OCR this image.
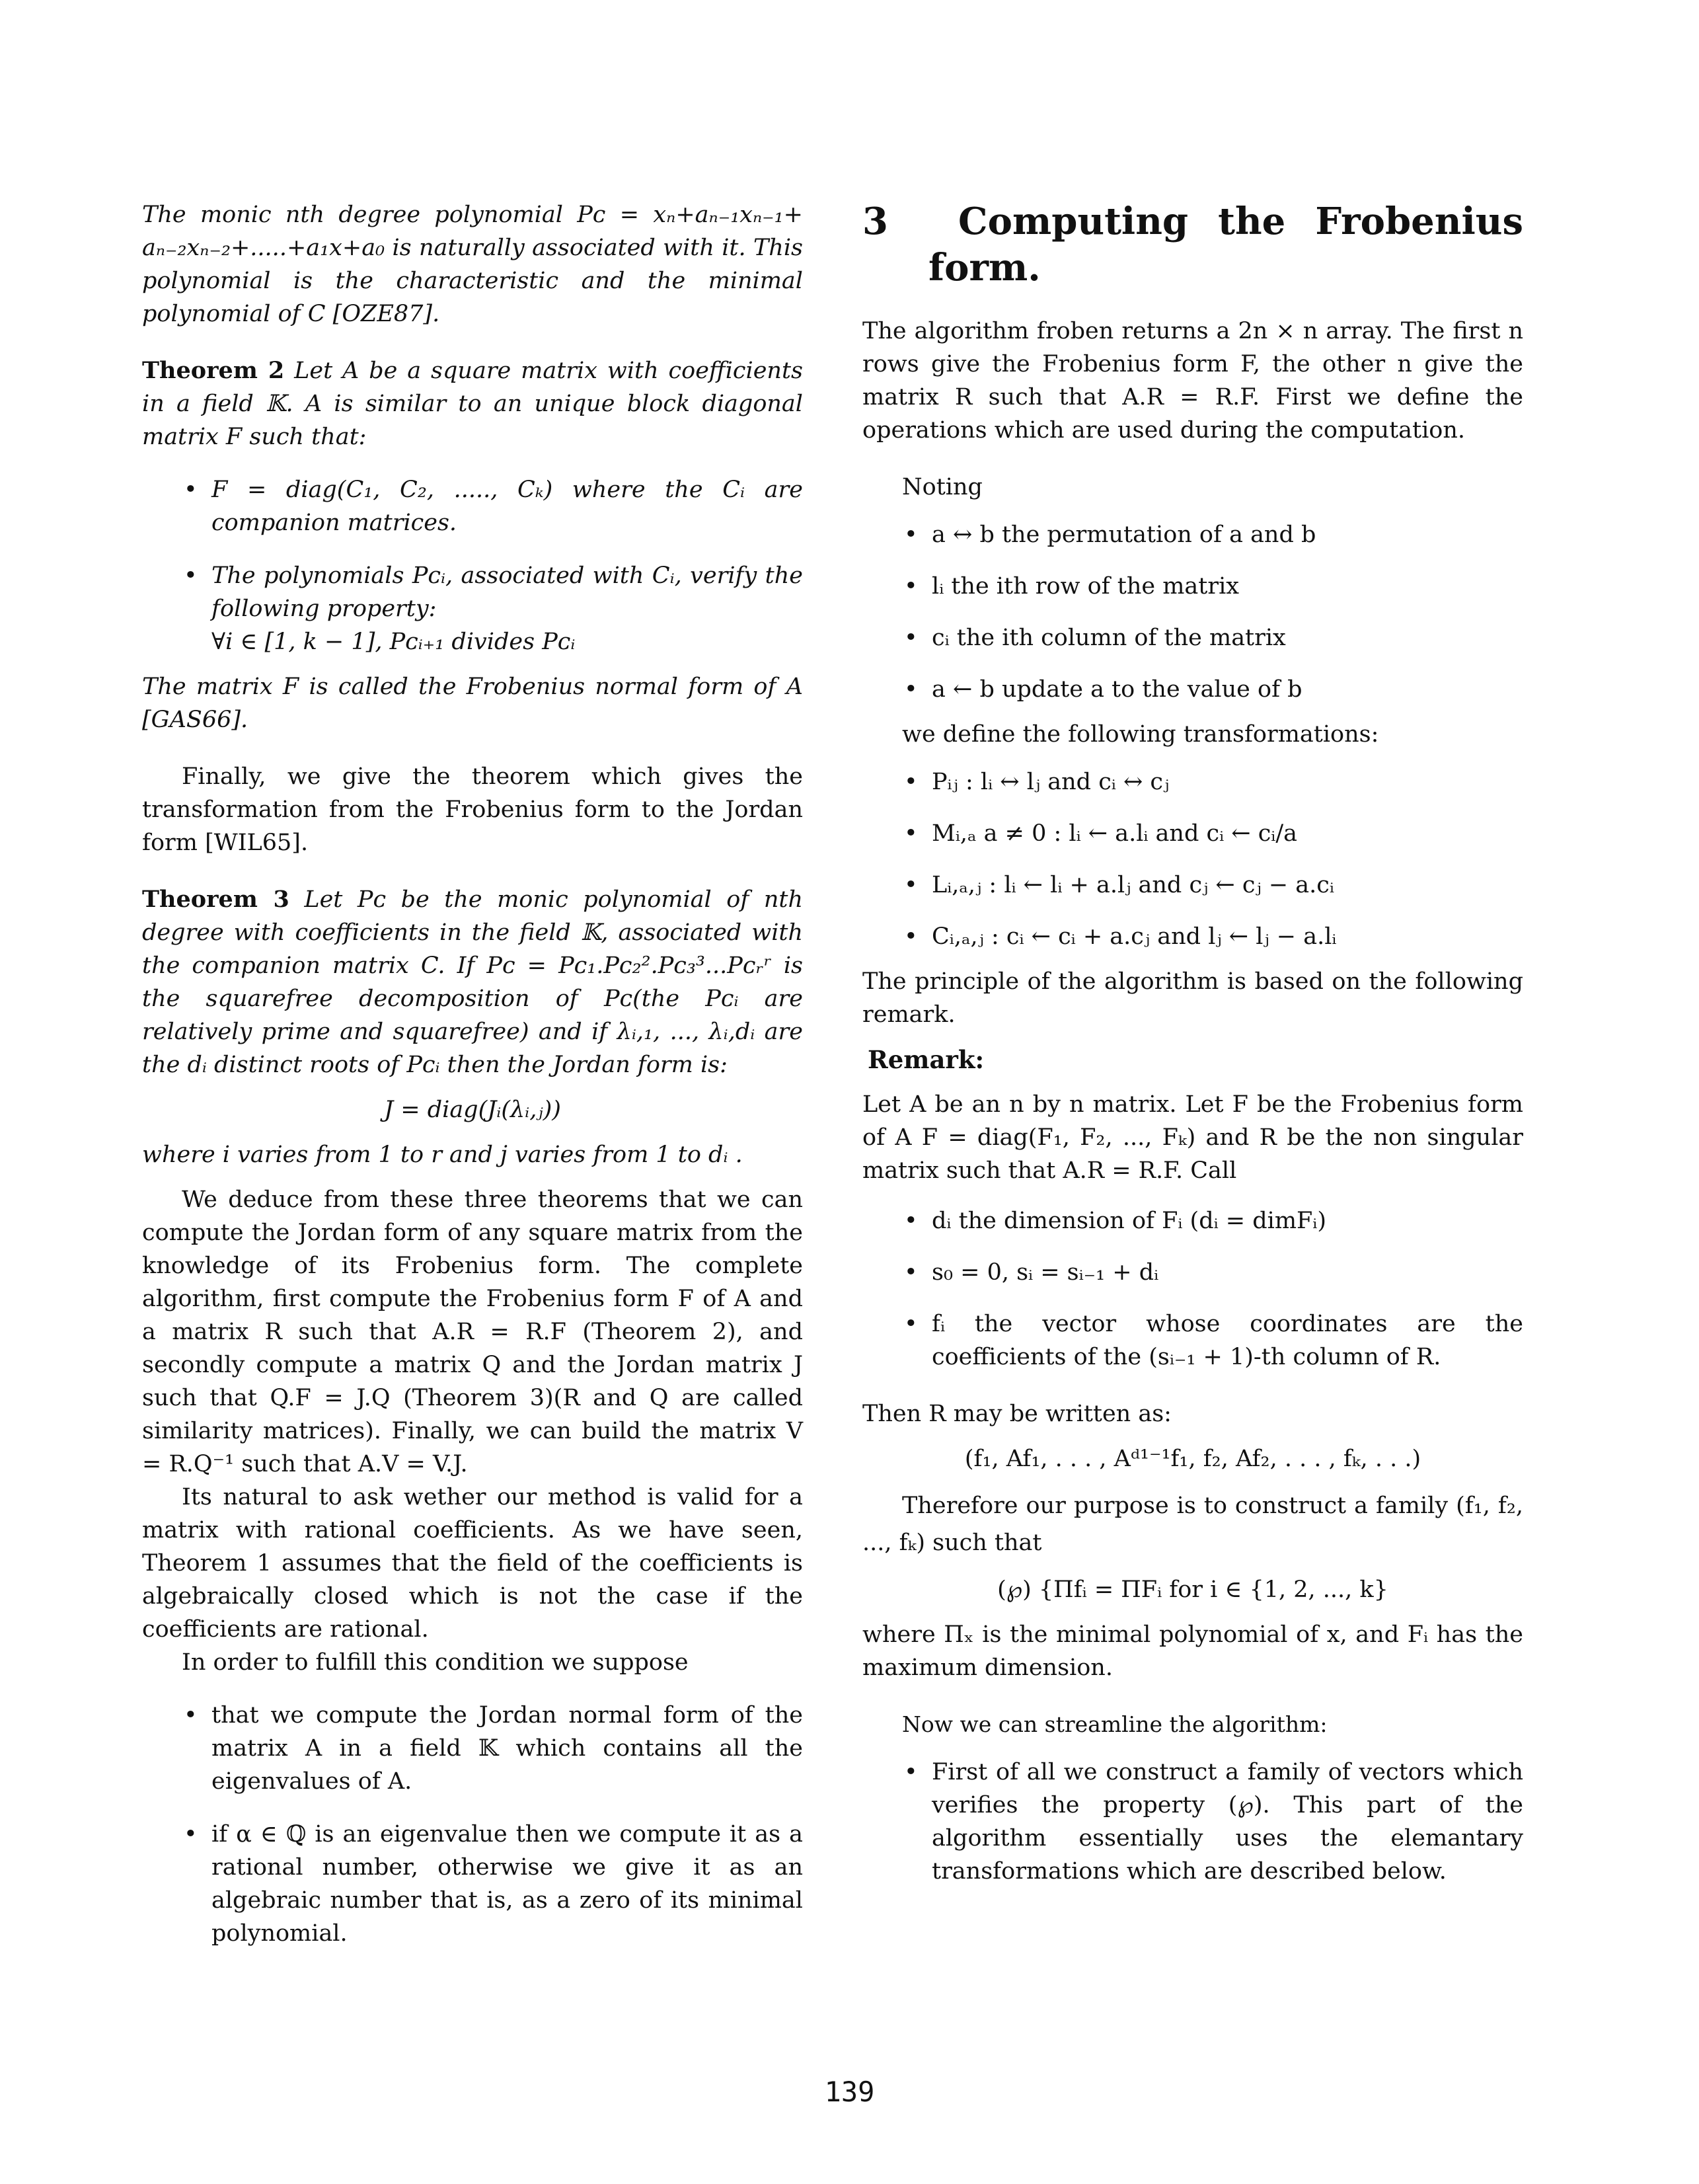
The monic nth degree polynomial Pᴄ = xₙ+aₙ₋₁xₙ₋₁+ aₙ₋₂xₙ₋₂+.....+a₁x+a₀ is naturally associated with it. This polynomial is the characteristic and the minimal polynomial of C [OZE87].

Theorem 2 Let A be a square matrix with coefficients in a field 𝕂. A is similar to an unique block diagonal matrix F such that:

• F = diag(C₁, C₂, ....., Cₖ) where the Cᵢ are companion matrices.
• The polynomials Pᴄᵢ, associated with Cᵢ, verify the following property:
∀i ∈ [1, k − 1], Pᴄᵢ₊₁ divides Pᴄᵢ

The matrix F is called the Frobenius normal form of A [GAS66].

Finally, we give the theorem which gives the transformation from the Frobenius form to the Jordan form [WIL65].

Theorem 3 Let Pᴄ be the monic polynomial of nth degree with coefficients in the field 𝕂, associated with the companion matrix C. If Pᴄ = Pᴄ₁.Pᴄ₂².Pᴄ₃³...Pᴄᵣʳ is the squarefree decomposition of Pᴄ(the Pᴄᵢ are relatively prime and squarefree) and if λᵢ,₁, ..., λᵢ,dᵢ are the dᵢ distinct roots of Pᴄᵢ then the Jordan form is:

J = diag(Jᵢ(λᵢ,ⱼ))

where i varies from 1 to r and j varies from 1 to dᵢ .

We deduce from these three theorems that we can compute the Jordan form of any square matrix from the knowledge of its Frobenius form. The complete algorithm, first compute the Frobenius form F of A and a matrix R such that A.R = R.F (Theorem 2), and secondly compute a matrix Q and the Jordan matrix J such that Q.F = J.Q (Theorem 3)(R and Q are called similarity matrices). Finally, we can build the matrix V = R.Q⁻¹ such that A.V = V.J.

Its natural to ask wether our method is valid for a matrix with rational coefficients. As we have seen, Theorem 1 assumes that the field of the coefficients is algebraically closed which is not the case if the coefficients are rational.

In order to fulfill this condition we suppose

• that we compute the Jordan normal form of the matrix A in a field 𝕂 which contains all the eigenvalues of A.
• if α ∈ ℚ is an eigenvalue then we compute it as a rational number, otherwise we give it as an algebraic number that is, as a zero of its minimal polynomial.
3	Computing the Frobenius
form.

The algorithm froben returns a 2n × n array. The first n rows give the Frobenius form F, the other n give the matrix R such that A.R = R.F. First we define the operations which are used during the computation.

Noting

• a ↔ b the permutation of a and b
• lᵢ the ith row of the matrix
• cᵢ the ith column of the matrix
• a ← b update a to the value of b

we define the following transformations:

• Pᵢⱼ : lᵢ ↔ lⱼ and cᵢ ↔ cⱼ
• Mᵢ,ₐ a ≠ 0 : lᵢ ← a.lᵢ and cᵢ ← cᵢ/a
• Lᵢ,ₐ,ⱼ : lᵢ ← lᵢ + a.lⱼ and cⱼ ← cⱼ − a.cᵢ
• Cᵢ,ₐ,ⱼ : cᵢ ← cᵢ + a.cⱼ and lⱼ ← lⱼ − a.lᵢ

The principle of the algorithm is based on the following remark.

Remark:

Let A be an n by n matrix. Let F be the Frobenius form of A F = diag(F₁, F₂, ..., Fₖ) and R be the non singular matrix such that A.R = R.F. Call

• dᵢ the dimension of Fᵢ (dᵢ = dimFᵢ)
• s₀ = 0, sᵢ = sᵢ₋₁ + dᵢ
• fᵢ the vector whose coordinates are the coefficients of the (sᵢ₋₁ + 1)-th column of R.

Then R may be written as:

(f₁, Af₁, . . . , Aᵈ¹⁻¹f₁, f₂, Af₂, . . . , fₖ, . . .)

Therefore our purpose is to construct a family (f₁, f₂, ..., fₖ) such that

(℘) {Πfᵢ = ΠFᵢ for i ∈ {1, 2, ..., k}

where Πₓ is the minimal polynomial of x, and Fᵢ has the maximum dimension.

Now we can streamline the algorithm:

• First of all we construct a family of vectors which verifies the property (℘). This part of the algorithm essentially uses the elemantary transformations which are described below.
139
